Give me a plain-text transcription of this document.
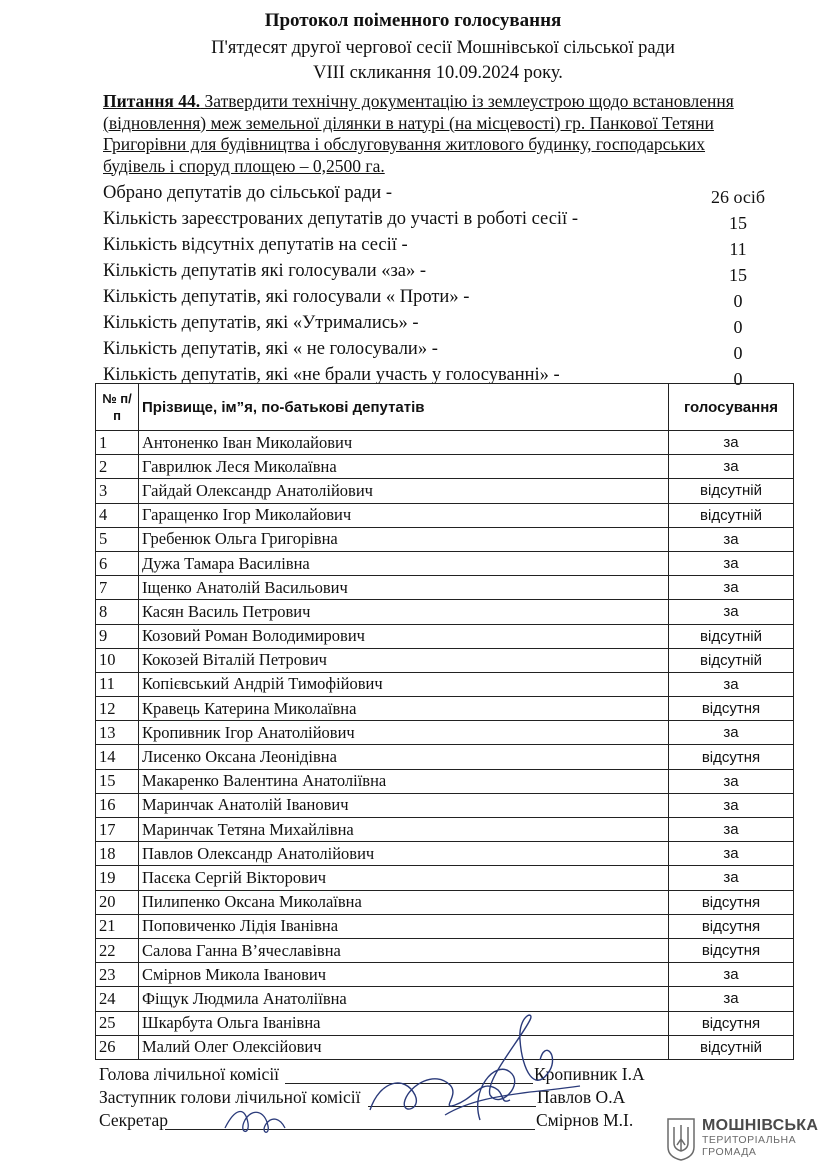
Протокол поіменного голосування
П'ятдесят другої чергової сесії Мошнівської сільської ради
VIII скликання 10.09.2024 року.
Питання 44. Затвердити технічну документацію із землеустрою щодо встановлення (відновлення) меж земельної ділянки в натурі (на місцевості) гр. Панкової Тетяни Григорівни для будівництва і обслуговування житлового будинку, господарських будівель і споруд площею – 0,2500 га.
Обрано депутатів до сільської ради -	26 осіб
Кількість зареєстрованих депутатів до участі в роботі сесії -	15
Кількість відсутніх депутатів на сесії -	11
Кількість депутатів які голосували «за» -	15
Кількість депутатів, які голосували « Проти» -	0
Кількість депутатів, які «Утримались» -	0
Кількість депутатів, які « не голосували» -	0
Кількість депутатів, які «не брали участь у голосуванні» -	0
№ п/п	Прізвище, ім”я, по-батькові депутатів	голосування
1	Антоненко Іван Миколайович	за
2	Гаврилюк Леся Миколаївна	за
3	Гайдай Олександр Анатолійович	відсутній
4	Гаращенко Ігор Миколайович	відсутній
5	Гребенюк Ольга Григорівна	за
6	Дужа Тамара Василівна	за
7	Іщенко Анатолій Васильович	за
8	Касян Василь Петрович	за
9	Козовий Роман Володимирович	відсутній
10	Кокозей Віталій Петрович	відсутній
11	Копієвський Андрій Тимофійович	за
12	Кравець Катерина Миколаївна	відсутня
13	Кропивник Ігор Анатолійович	за
14	Лисенко Оксана Леонідівна	відсутня
15	Макаренко Валентина Анатоліївна	за
16	Маринчак Анатолій Іванович	за
17	Маринчак Тетяна Михайлівна	за
18	Павлов Олександр Анатолійович	за
19	Пасєка Сергій Вікторович	за
20	Пилипенко Оксана Миколаївна	відсутня
21	Поповиченко Лідія Іванівна	відсутня
22	Салова Ганна В’ячеславівна	відсутня
23	Смірнов Микола Іванович	за
24	Фіщук Людмила Анатоліївна	за
25	Шкарбута Ольга Іванівна	відсутня
26	Малий Олег Олексійович	відсутній
Голова лічильної комісії	Кропивник І.А
Заступник голови лічильної комісії	Павлов О.А
Секретар	Смірнов М.І.	МОШНІВСЬКА
ТЕРИТОРІАЛЬНА
ГРОМАДА
